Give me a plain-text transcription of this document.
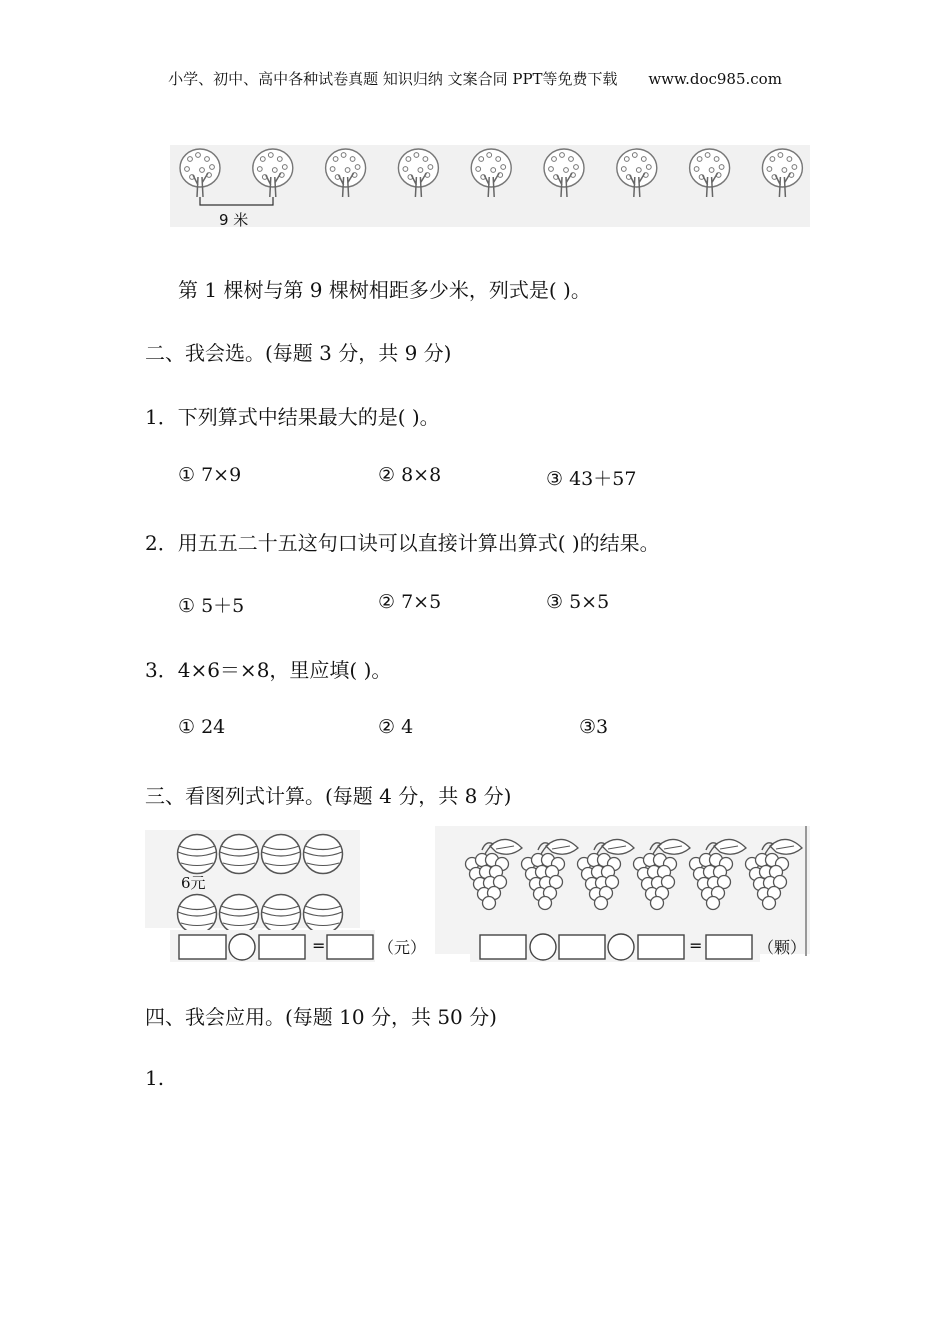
小学、初中、高中各种试卷真题 知识归纳 文案合同 PPT等免费下载 www.doc985.com
9 米
第 1 棵树与第 9 棵树相距多少米，列式是( )。
二、我会选。(每题 3 分，共 9 分)
1．下列算式中结果最大的是( )。
① 7×9	② 8×8	③ 43＋57
2．用五五二十五这句口诀可以直接计算出算式( )的结果。
① 5＋5	② 7×5	③ 5×5
3．4×6＝×8，里应填( )。
① 24	② 4	③3
三、看图列式计算。(每题 4 分，共 8 分)
6元
=	（元）	=	（颗）
四、我会应用。(每题 10 分，共 50 分)
1.
